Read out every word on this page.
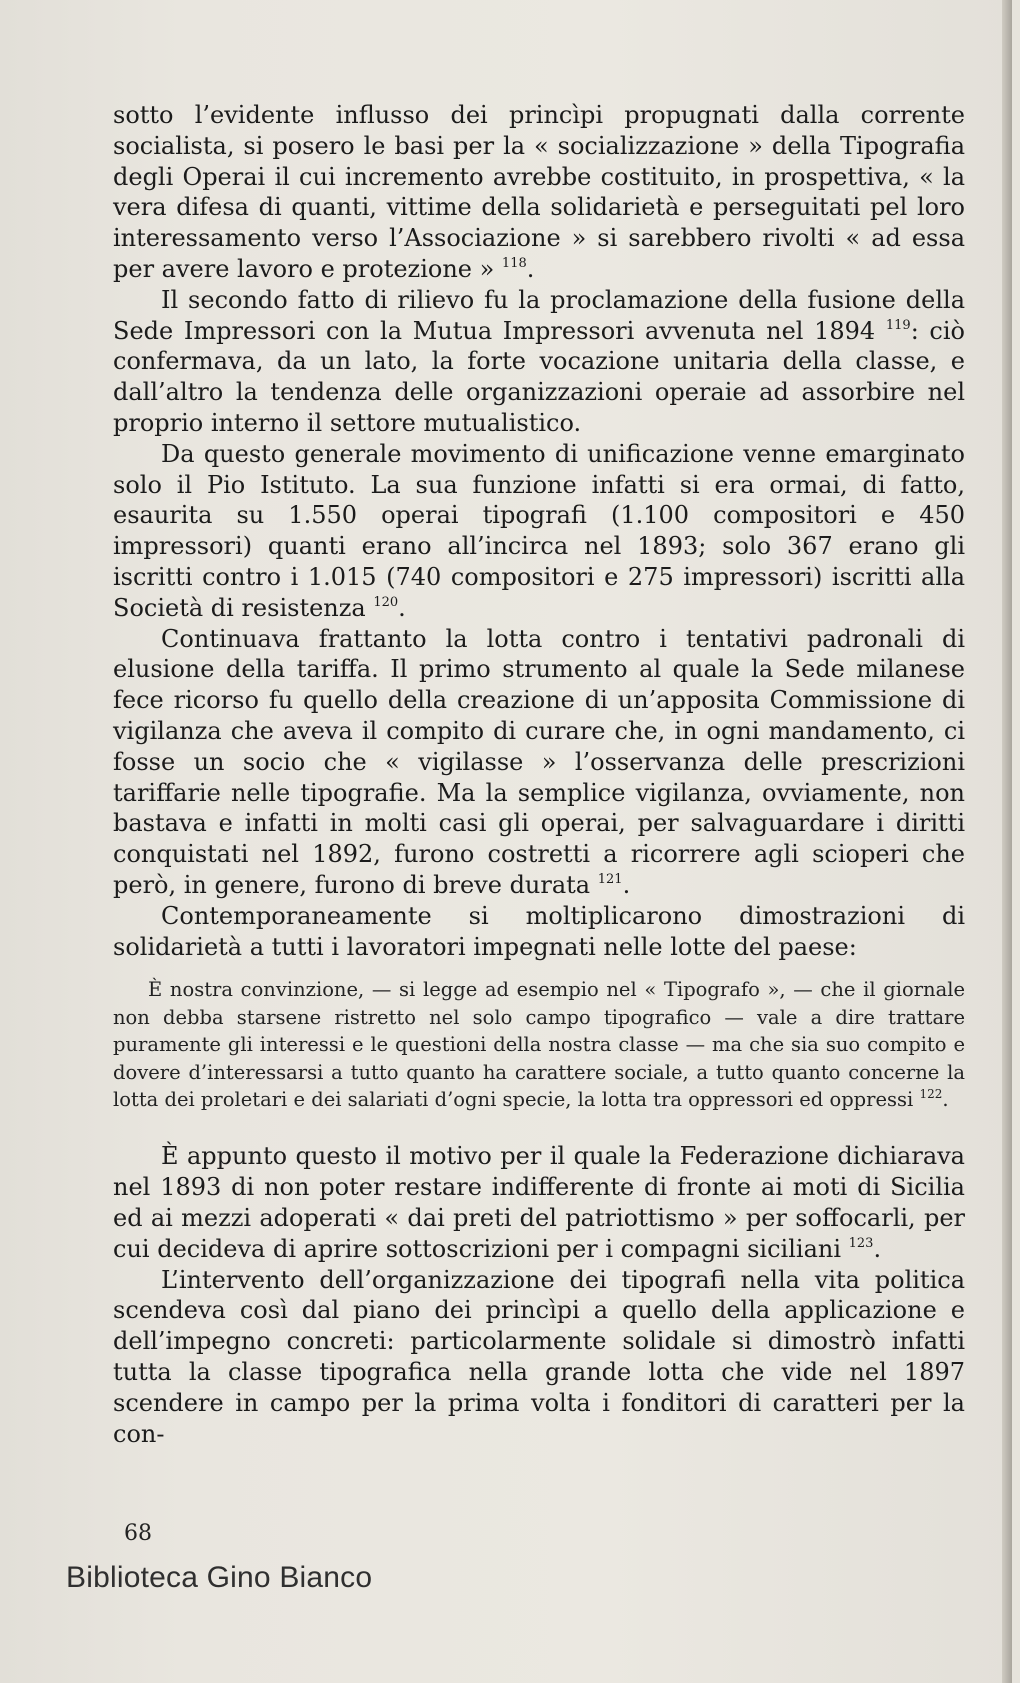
sotto l’evidente influsso dei princìpi propugnati dalla corrente socialista, si posero le basi per la « socializzazione » della Tipografia degli Operai il cui incremento avrebbe costituito, in prospettiva, « la vera difesa di quanti, vittime della solidarietà e perseguitati pel loro interessamento verso l’Associazione » si sarebbero rivolti « ad essa per avere lavoro e protezione » $^{118}$.

Il secondo fatto di rilievo fu la proclamazione della fusione della Sede Impressori con la Mutua Impressori avvenuta nel 1894 $^{119}$: ciò confermava, da un lato, la forte vocazione unitaria della classe, e dall’altro la tendenza delle organizzazioni operaie ad assorbire nel proprio interno il settore mutualistico.

Da questo generale movimento di unificazione venne emarginato solo il Pio Istituto. La sua funzione infatti si era ormai, di fatto, esaurita su 1.550 operai tipografi (1.100 compositori e 450 impressori) quanti erano all’incirca nel 1893; solo 367 erano gli iscritti contro i 1.015 (740 compositori e 275 impressori) iscritti alla Società di resistenza $^{120}$.

Continuava frattanto la lotta contro i tentativi padronali di elusione della tariffa. Il primo strumento al quale la Sede milanese fece ricorso fu quello della creazione di un’apposita Commissione di vigilanza che aveva il compito di curare che, in ogni mandamento, ci fosse un socio che « vigilasse » l’osservanza delle prescrizioni tariffarie nelle tipografie. Ma la semplice vigilanza, ovviamente, non bastava e infatti in molti casi gli operai, per salvaguardare i diritti conquistati nel 1892, furono costretti a ricorrere agli scioperi che però, in genere, furono di breve durata $^{121}$.

Contemporaneamente si moltiplicarono dimostrazioni di solidarietà a tutti i lavoratori impegnati nelle lotte del paese:

È nostra convinzione, — si legge ad esempio nel « Tipografo », — che il giornale non debba starsene ristretto nel solo campo tipografico — vale a dire trattare puramente gli interessi e le questioni della nostra classe — ma che sia suo compito e dovere d’interessarsi a tutto quanto ha carattere sociale, a tutto quanto concerne la lotta dei proletari e dei salariati d’ogni specie, la lotta tra oppressori ed oppressi $^{122}$.

È appunto questo il motivo per il quale la Federazione dichiarava nel 1893 di non poter restare indifferente di fronte ai moti di Sicilia ed ai mezzi adoperati « dai preti del patriottismo » per soffocarli, per cui decideva di aprire sottoscrizioni per i compagni siciliani $^{123}$.

L’intervento dell’organizzazione dei tipografi nella vita politica scendeva così dal piano dei princìpi a quello della applicazione e dell’impegno concreti: particolarmente solidale si dimostrò infatti tutta la classe tipografica nella grande lotta che vide nel 1897 scendere in campo per la prima volta i fonditori di caratteri per la con-

68
Biblioteca Gino Bianco
